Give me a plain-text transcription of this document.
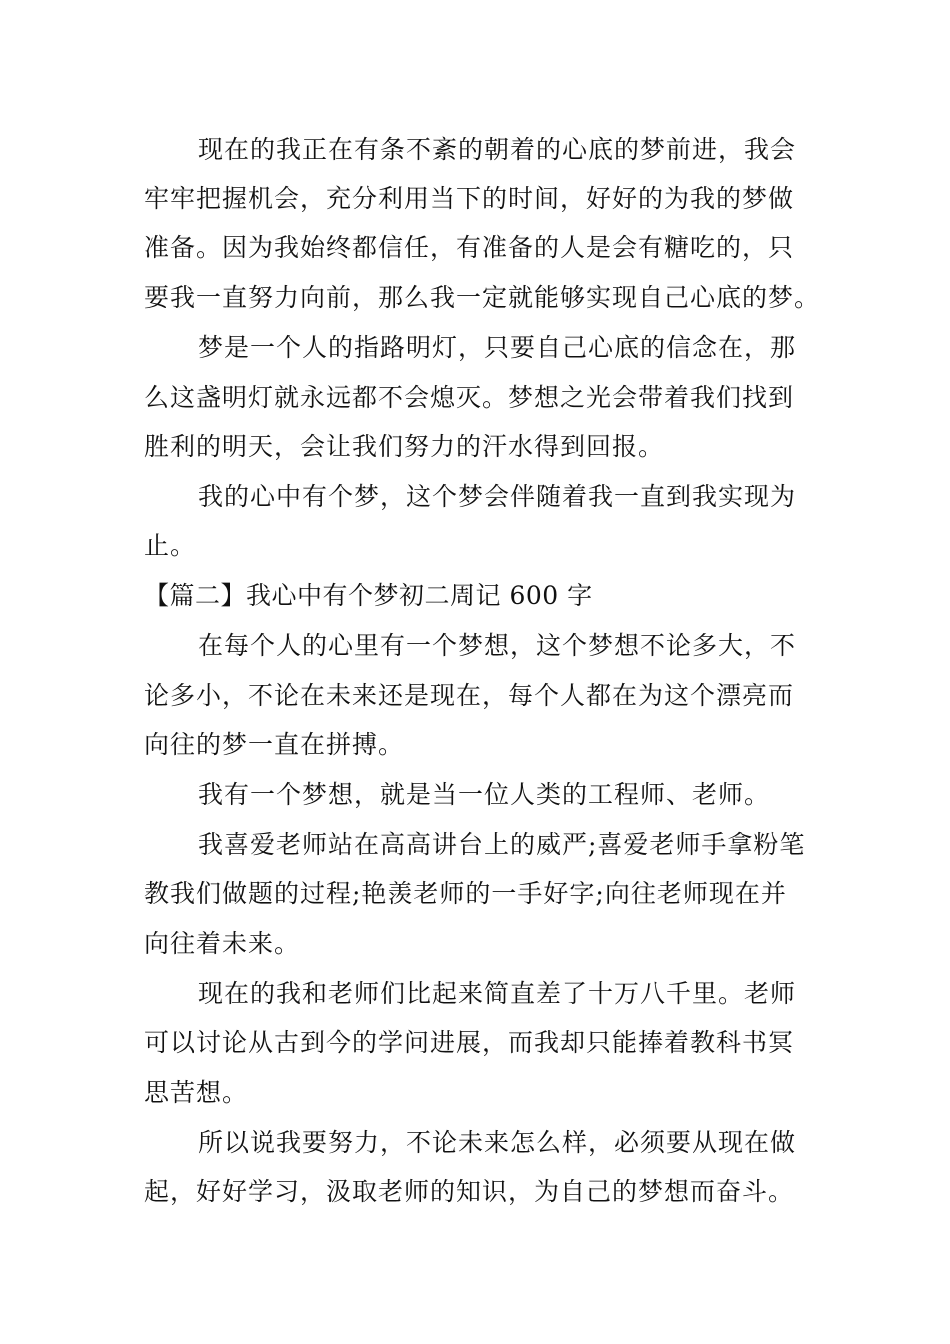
现在的我正在有条不紊的朝着的心底的梦前进，我会

牢牢把握机会，充分利用当下的时间，好好的为我的梦做

准备。因为我始终都信任，有准备的人是会有糖吃的，只

要我一直努力向前，那么我一定就能够实现自己心底的梦。

梦是一个人的指路明灯，只要自己心底的信念在，那

么这盏明灯就永远都不会熄灭。梦想之光会带着我们找到

胜利的明天，会让我们努力的汗水得到回报。

我的心中有个梦，这个梦会伴随着我一直到我实现为

止。

【篇二】我心中有个梦初二周记 600 字

在每个人的心里有一个梦想，这个梦想不论多大，不

论多小，不论在未来还是现在，每个人都在为这个漂亮而

向往的梦一直在拼搏。

我有一个梦想，就是当一位人类的工程师、老师。

我喜爱老师站在高高讲台上的威严;喜爱老师手拿粉笔

教我们做题的过程;艳羡老师的一手好字;向往老师现在并

向往着未来。

现在的我和老师们比起来简直差了十万八千里。老师

可以讨论从古到今的学问进展，而我却只能捧着教科书冥

思苦想。

所以说我要努力，不论未来怎么样，必须要从现在做

起，好好学习，汲取老师的知识，为自己的梦想而奋斗。
